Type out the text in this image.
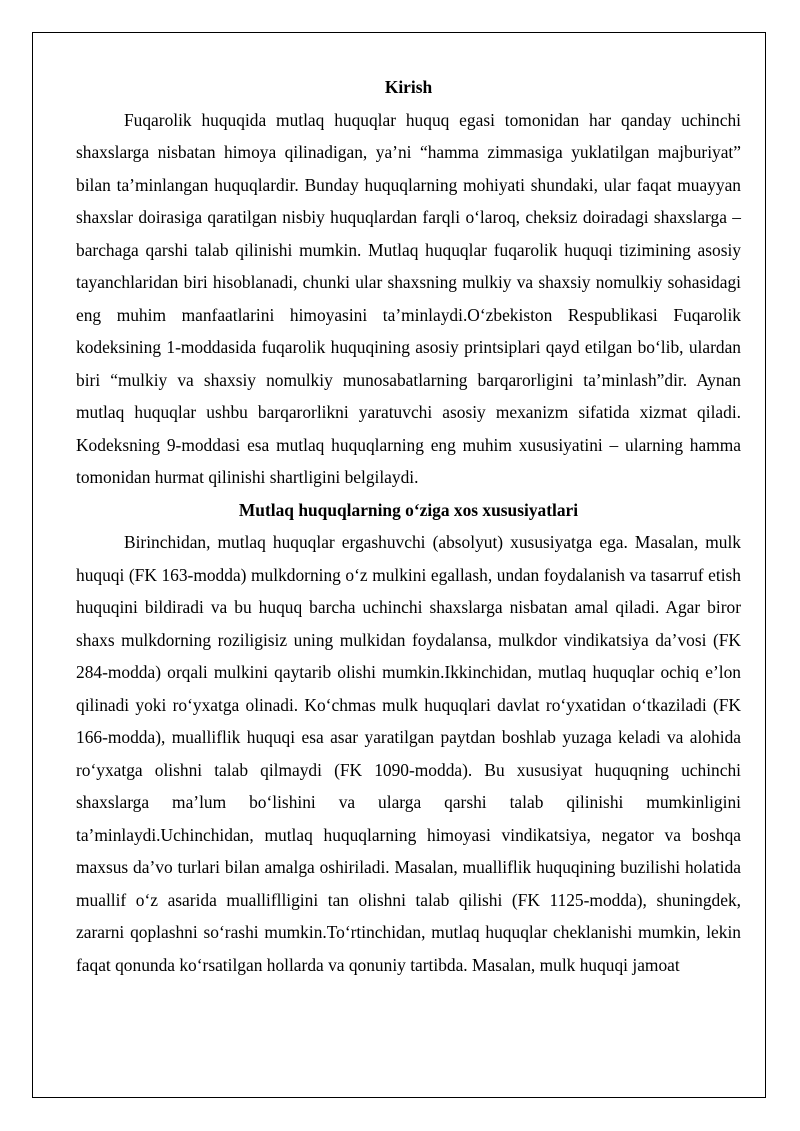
Kirish

Fuqarolik huquqida mutlaq huquqlar huquq egasi tomonidan har qanday uchinchi shaxslarga nisbatan himoya qilinadigan, ya’ni “hamma zimmasiga yuklatilgan majburiyat” bilan ta’minlangan huquqlardir. Bunday huquqlarning mohiyati shundaki, ular faqat muayyan shaxslar doirasiga qaratilgan nisbiy huquqlardan farqli o‘laroq, cheksiz doiradagi shaxslarga – barchaga qarshi talab qilinishi mumkin. Mutlaq huquqlar fuqarolik huquqi tizimining asosiy tayanchlaridan biri hisoblanadi, chunki ular shaxsning mulkiy va shaxsiy nomulkiy sohasidagi eng muhim manfaatlarini himoyasini ta’minlaydi.O‘zbekiston Respublikasi Fuqarolik kodeksining 1-moddasida fuqarolik huquqining asosiy printsiplari qayd etilgan bo‘lib, ulardan biri “mulkiy va shaxsiy nomulkiy munosabatlarning barqarorligini ta’minlash”dir. Aynan mutlaq huquqlar ushbu barqarorlikni yaratuvchi asosiy mexanizm sifatida xizmat qiladi. Kodeksning 9-moddasi esa mutlaq huquqlarning eng muhim xususiyatini – ularning hamma tomonidan hurmat qilinishi shartligini belgilaydi.

Mutlaq huquqlarning o‘ziga xos xususiyatlari

Birinchidan, mutlaq huquqlar ergashuvchi (absolyut) xususiyatga ega. Masalan, mulk huquqi (FK 163-modda) mulkdorning o‘z mulkini egallash, undan foydalanish va tasarruf etish huquqini bildiradi va bu huquq barcha uchinchi shaxslarga nisbatan amal qiladi. Agar biror shaxs mulkdorning roziligisiz uning mulkidan foydalansa, mulkdor vindikatsiya da’vosi (FK 284-modda) orqali mulkini qaytarib olishi mumkin.Ikkinchidan, mutlaq huquqlar ochiq e’lon qilinadi yoki ro‘yxatga olinadi. Ko‘chmas mulk huquqlari davlat ro‘yxatidan o‘tkaziladi (FK 166-modda), mualliflik huquqi esa asar yaratilgan paytdan boshlab yuzaga keladi va alohida ro‘yxatga olishni talab qilmaydi (FK 1090-modda). Bu xususiyat huquqning uchinchi shaxslarga ma’lum bo‘lishini va ularga qarshi talab qilinishi mumkinligini ta’minlaydi.Uchinchidan, mutlaq huquqlarning himoyasi vindikatsiya, negator va boshqa maxsus da’vo turlari bilan amalga oshiriladi. Masalan, mualliflik huquqining buzilishi holatida muallif o‘z asarida mualliflligini tan olishni talab qilishi (FK 1125-modda), shuningdek, zararni qoplashni so‘rashi mumkin.To‘rtinchidan, mutlaq huquqlar cheklanishi mumkin, lekin faqat qonunda ko‘rsatilgan hollarda va qonuniy tartibda. Masalan, mulk huquqi jamoat
